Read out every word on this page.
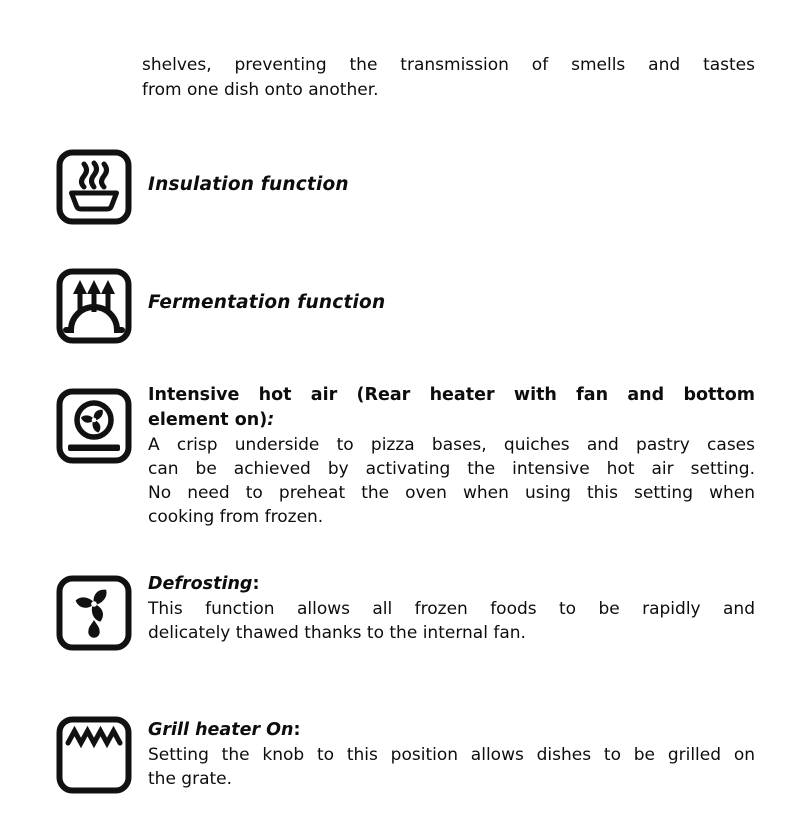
shelves, preventing the transmission of smells and tastes
from one dish onto another.
Insulation function
Fermentation function
Intensive hot air (Rear heater with fan and bottom
element on):
A crisp underside to pizza bases, quiches and pastry cases
can be achieved by activating the intensive hot air setting.
No need to preheat the oven when using this setting when
cooking from frozen.
Defrosting:
This function allows all frozen foods to be rapidly and
delicately thawed thanks to the internal fan.
Grill heater On:
Setting the knob to this position allows dishes to be grilled on
the grate.
